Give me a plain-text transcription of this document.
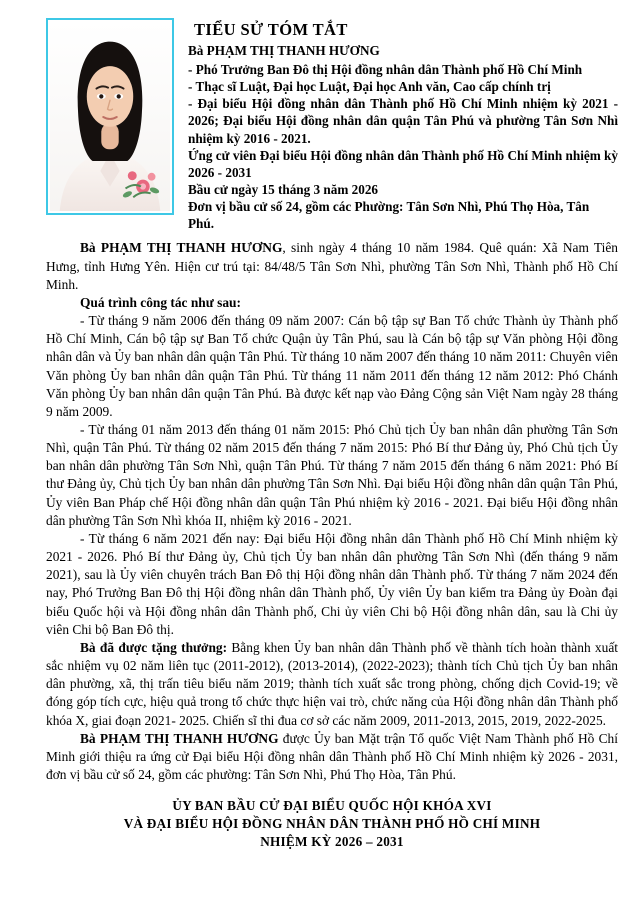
TIỂU SỬ TÓM TẮT
Bà PHẠM THỊ THANH HƯƠNG

- Phó Trưởng Ban Đô thị Hội đồng nhân dân Thành phố Hồ Chí Minh

- Thạc sĩ Luật, Đại học Luật, Đại học Anh văn, Cao cấp chính trị

- Đại biểu Hội đồng nhân dân Thành phố Hồ Chí Minh nhiệm kỳ 2021 - 2026; Đại biểu Hội đồng nhân dân quận Tân Phú và phường Tân Sơn Nhì nhiệm kỳ 2016 - 2021.

Ứng cử viên Đại biểu Hội đồng nhân dân Thành phố Hồ Chí Minh nhiệm kỳ 2026 - 2031

Bầu cử ngày 15 tháng 3 năm 2026

Đơn vị bầu cử số 24, gồm các Phường: Tân Sơn Nhì, Phú Thọ Hòa, Tân Phú.

Bà PHẠM THỊ THANH HƯƠNG, sinh ngày 4 tháng 10 năm 1984. Quê quán: Xã Nam Tiên Hưng, tỉnh Hưng Yên. Hiện cư trú tại: 84/48/5 Tân Sơn Nhì, phường Tân Sơn Nhì, Thành phố Hồ Chí Minh.

Quá trình công tác như sau:

- Từ tháng 9 năm 2006 đến tháng 09 năm 2007: Cán bộ tập sự Ban Tổ chức Thành ủy Thành phố Hồ Chí Minh, Cán bộ tập sự Ban Tổ chức Quận ủy Tân Phú, sau là Cán bộ tập sự Văn phòng Hội đồng nhân dân và Ủy ban nhân dân quận Tân Phú. Từ tháng 10 năm 2007 đến tháng 10 năm 2011: Chuyên viên Văn phòng Ủy ban nhân dân quận Tân Phú. Từ tháng 11 năm 2011 đến tháng 12 năm 2012: Phó Chánh Văn phòng Ủy ban nhân dân quận Tân Phú. Bà được kết nạp vào Đảng Cộng sản Việt Nam ngày 28 tháng 9 năm 2009.

- Từ tháng 01 năm 2013 đến tháng 01 năm 2015: Phó Chủ tịch Ủy ban nhân dân phường Tân Sơn Nhì, quận Tân Phú. Từ tháng 02 năm 2015 đến tháng 7 năm 2015: Phó Bí thư Đảng ủy, Phó Chủ tịch Ủy ban nhân dân phường Tân Sơn Nhì, quận Tân Phú. Từ tháng 7 năm 2015 đến tháng 6 năm 2021: Phó Bí thư Đảng ủy, Chủ tịch Ủy ban nhân dân phường Tân Sơn Nhì. Đại biểu Hội đồng nhân dân quận Tân Phú, Ủy viên Ban Pháp chế Hội đồng nhân dân quận Tân Phú nhiệm kỳ 2016 - 2021. Đại biểu Hội đồng nhân dân phường Tân Sơn Nhì khóa II, nhiệm kỳ 2016 - 2021.

- Từ tháng 6 năm 2021 đến nay: Đại biểu Hội đồng nhân dân Thành phố Hồ Chí Minh nhiệm kỳ 2021 - 2026. Phó Bí thư Đảng ủy, Chủ tịch Ủy ban nhân dân phường Tân Sơn Nhì (đến tháng 9 năm 2021), sau là Ủy viên chuyên trách Ban Đô thị Hội đồng nhân dân Thành phố. Từ tháng 7 năm 2024 đến nay, Phó Trưởng Ban Đô thị Hội đồng nhân dân Thành phố, Ủy viên Ủy ban kiểm tra Đảng ủy Đoàn đại biểu Quốc hội và Hội đồng nhân dân Thành phố, Chi ủy viên Chi bộ Hội đồng nhân dân, sau là Chi ủy viên Chi bộ Ban Đô thị.

Bà đã được tặng thưởng: Bằng khen Ủy ban nhân dân Thành phố về thành tích hoàn thành xuất sắc nhiệm vụ 02 năm liên tục (2011-2012), (2013-2014), (2022-2023); thành tích Chủ tịch Ủy ban nhân dân phường, xã, thị trấn tiêu biểu năm 2019; thành tích xuất sắc trong phòng, chống dịch Covid-19; về đóng góp tích cực, hiệu quả trong tổ chức thực hiện vai trò, chức năng của Hội đồng nhân dân Thành phố khóa X, giai đoạn 2021- 2025. Chiến sĩ thi đua cơ sở các năm 2009, 2011-2013, 2015, 2019, 2022-2025.

Bà PHẠM THỊ THANH HƯƠNG được Ủy ban Mặt trận Tổ quốc Việt Nam Thành phố Hồ Chí Minh giới thiệu ra ứng cử Đại biểu Hội đồng nhân dân Thành phố Hồ Chí Minh nhiệm kỳ 2026 - 2031, đơn vị bầu cử số 24, gồm các phường: Tân Sơn Nhì, Phú Thọ Hòa, Tân Phú.

ỦY BAN BẦU CỬ ĐẠI BIỂU QUỐC HỘI KHÓA XVI

VÀ ĐẠI BIỂU HỘI ĐỒNG NHÂN DÂN THÀNH PHỐ HỒ CHÍ MINH

NHIỆM KỲ 2026 – 2031
